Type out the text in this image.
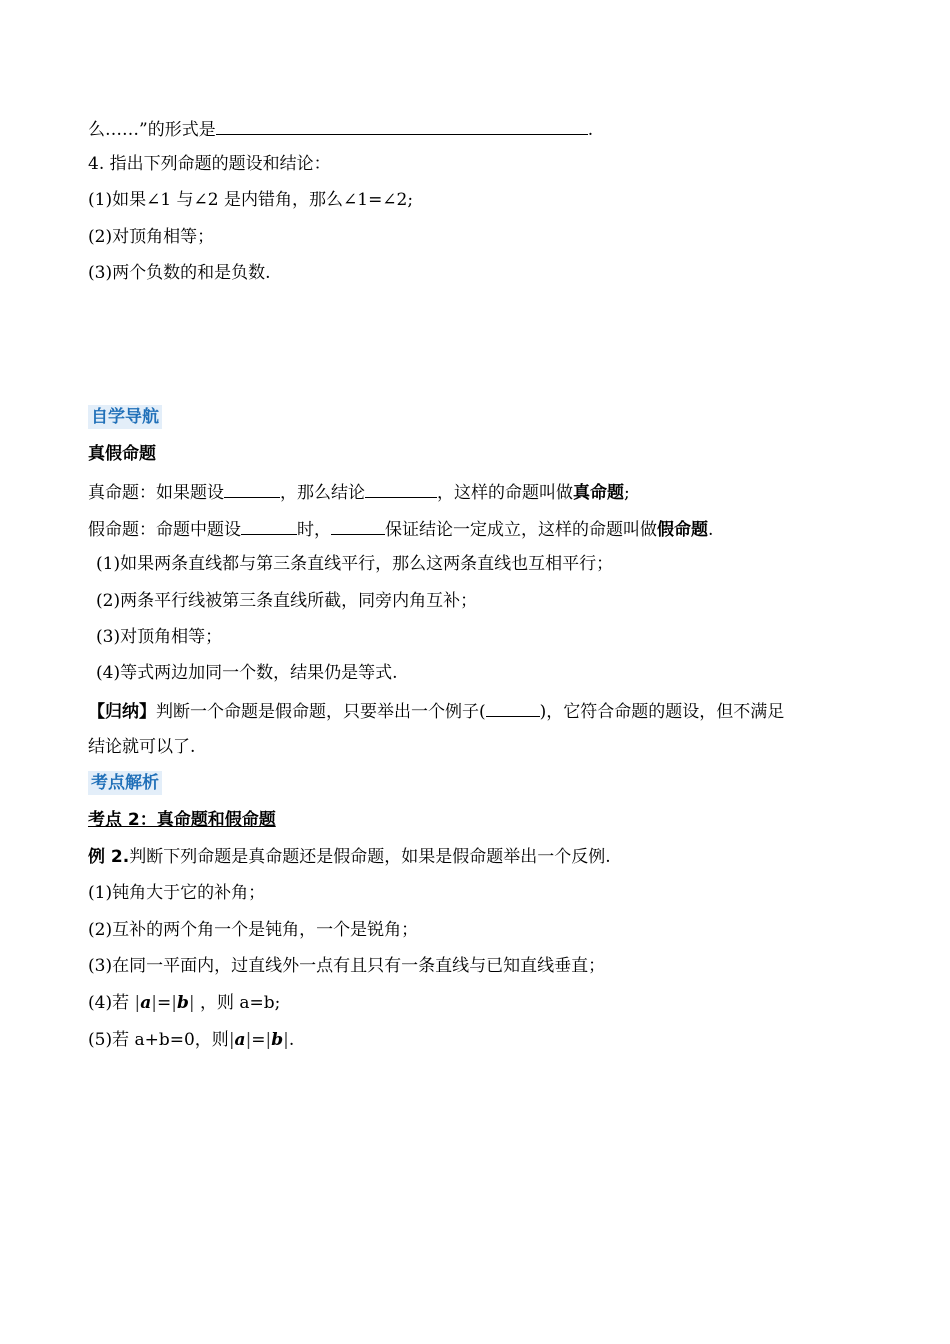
么……”的形式是	.
4. 指出下列命题的题设和结论：
(1)如果∠1 与∠2 是内错角，那么∠1=∠2;
(2)对顶角相等；
(3)两个负数的和是负数.
自学导航
真假命题
真命题：如果题设	，那么结论	，这样的命题叫做真命题;
假命题：命题中题设	时，	保证结论一定成立，这样的命题叫做假命题.
(1)如果两条直线都与第三条直线平行，那么这两条直线也互相平行；
(2)两条平行线被第三条直线所截，同旁内角互补；
(3)对顶角相等；
(4)等式两边加同一个数，结果仍是等式.
【归纳】判断一个命题是假命题，只要举出一个例子(	)，它符合命题的题设，但不满足
结论就可以了.
考点解析
考点 2：真命题和假命题
例 2.判断下列命题是真命题还是假命题，如果是假命题举出一个反例.
(1)钝角大于它的补角；
(2)互补的两个角一个是钝角，一个是锐角；
(3)在同一平面内，过直线外一点有且只有一条直线与已知直线垂直；
(4)若 |a|=|b| ，则 a=b;
(5)若 a+b=0，则|a|=|b|.
